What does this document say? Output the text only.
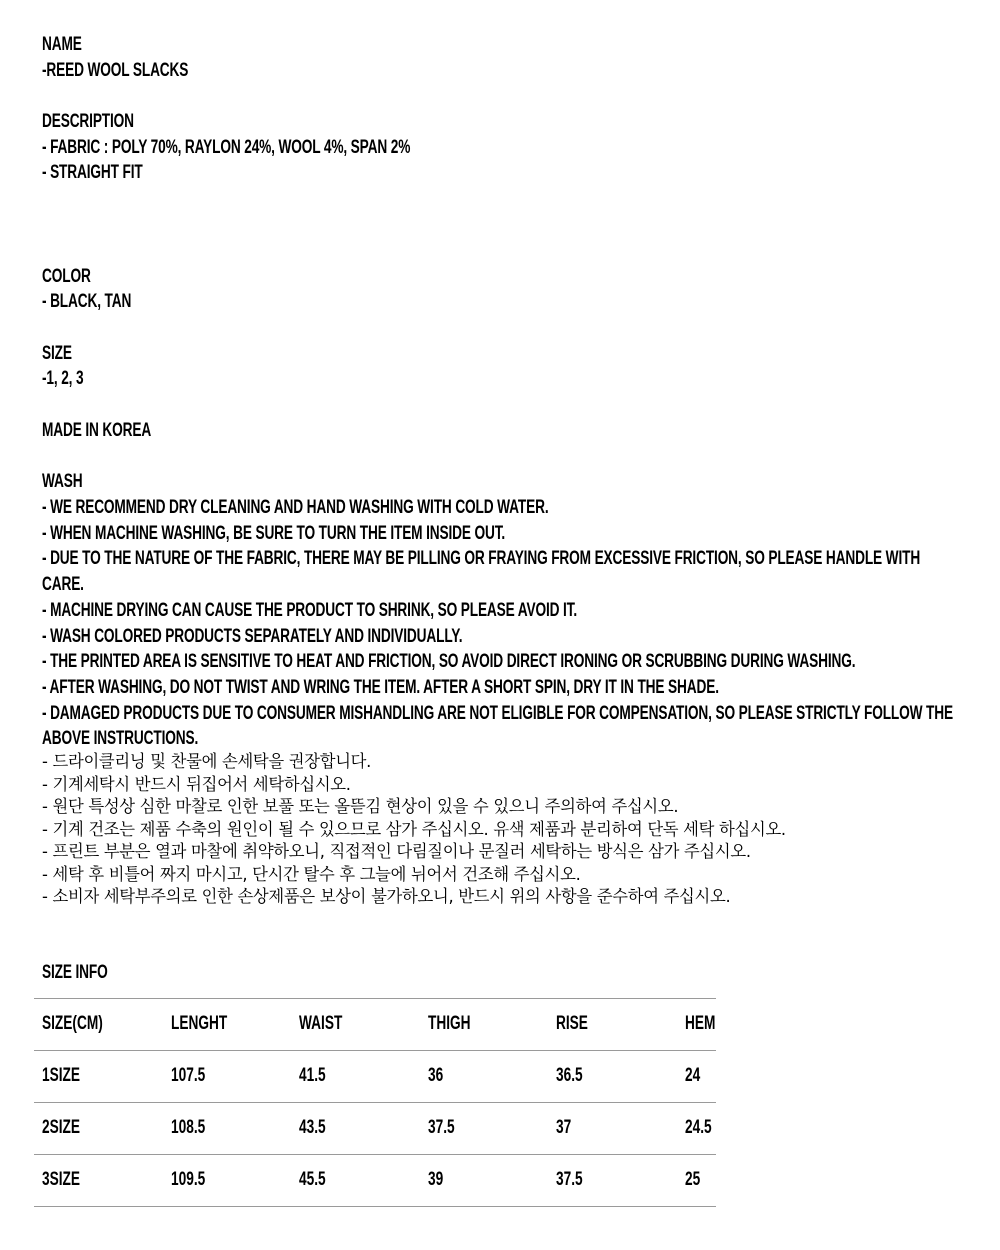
NAME
-REED WOOL SLACKS
DESCRIPTION
- FABRIC : POLY 70%, RAYLON 24%, WOOL 4%, SPAN 2%
- STRAIGHT FIT
COLOR
- BLACK, TAN
SIZE
-1, 2, 3
MADE IN KOREA
WASH
- WE RECOMMEND DRY CLEANING AND HAND WASHING WITH COLD WATER.
- WHEN MACHINE WASHING, BE SURE TO TURN THE ITEM INSIDE OUT.
- DUE TO THE NATURE OF THE FABRIC, THERE MAY BE PILLING OR FRAYING FROM EXCESSIVE FRICTION, SO PLEASE HANDLE WITH CARE.
- MACHINE DRYING CAN CAUSE THE PRODUCT TO SHRINK, SO PLEASE AVOID IT.
- WASH COLORED PRODUCTS SEPARATELY AND INDIVIDUALLY.
- THE PRINTED AREA IS SENSITIVE TO HEAT AND FRICTION, SO AVOID DIRECT IRONING OR SCRUBBING DURING WASHING.
- AFTER WASHING, DO NOT TWIST AND WRING THE ITEM. AFTER A SHORT SPIN, DRY IT IN THE SHADE.
- DAMAGED PRODUCTS DUE TO CONSUMER MISHANDLING ARE NOT ELIGIBLE FOR COMPENSATION, SO PLEASE STRICTLY FOLLOW THE ABOVE INSTRUCTIONS.
- 드라이클리닝 및 찬물에 손세탁을 권장합니다.
- 기계세탁시 반드시 뒤집어서 세탁하십시오.
- 원단 특성상 심한 마찰로 인한 보풀 또는 올뜯김 현상이 있을 수 있으니 주의하여 주십시오.
- 기계 건조는 제품 수축의 원인이 될 수 있으므로 삼가 주십시오. 유색 제품과 분리하여 단독 세탁 하십시오.
- 프린트 부분은 열과 마찰에 취약하오니, 직접적인 다림질이나 문질러 세탁하는 방식은 삼가 주십시오.
- 세탁 후 비틀어 짜지 마시고, 단시간 탈수 후 그늘에 뉘어서 건조해 주십시오.
- 소비자 세탁부주의로 인한 손상제품은 보상이 불가하오니, 반드시 위의 사항을 준수하여 주십시오.
SIZE INFO
SIZE(CM)	LENGHT	WAIST	THIGH	RISE	HEM
1SIZE	107.5	41.5	36	36.5	24
2SIZE	108.5	43.5	37.5	37	24.5
3SIZE	109.5	45.5	39	37.5	25
